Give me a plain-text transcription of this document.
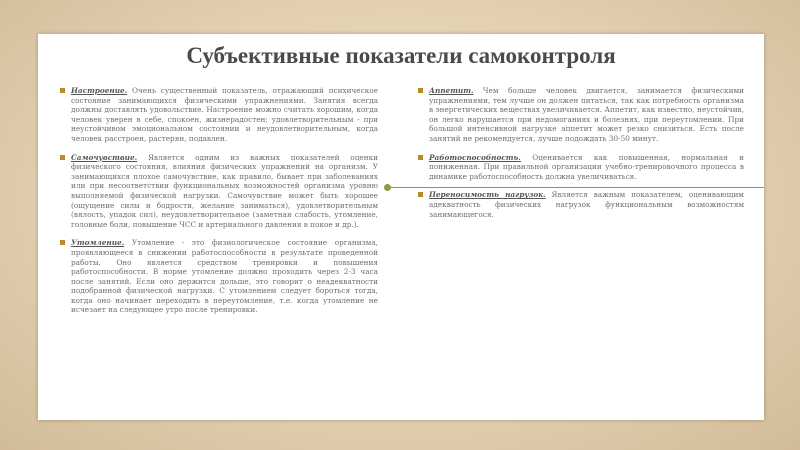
Субъективные показатели самоконтроля
Настроение. Очень существенный показатель, отражающий психическое состояние занимающихся физическими упражнениями. Занятия всегда должны доставлять удовольствие. Настроение можно считать хорошим, когда человек уверен в себе, спокоен, жизнерадостен; удовлетворительным - при неустойчивом эмоциональном состоянии и неудовлетворительным, когда человек расстроен, растерян, подавлен.
Самочувствие. Является одним из важных показателей оценки физического состояния, влияния физических упражнений на организм. У занимающихся плохое самочувствие, как правило, бывает при заболеваниях или при несоответствии функциональных возможностей организма уровню выполняемой физической нагрузки. Самочувствие может быть хорошее (ощущение силы и бодрости, желание заниматься), удовлетворительным (вялость, упадок сил), неудовлетворительное (заметная слабость, утомление, головные боли, повышение ЧСС и артериального давления в покое и др.).
Утомление. Утомление - это физиологическое состояние организма, проявляющееся в снижении работоспособности в результате проведенной работы. Оно является средством тренировки и повышения работоспособности. В норме утомление должно проходить через 2-3 часа после занятий. Если оно держится дольше, это говорит о неадекватности подобранной физической нагрузки. С утомлением следует бороться тогда, когда оно начинает переходить в переутомление, т.е. когда утомление не исчезает на следующее утро после тренировки.
Аппетит. Чем больше человек двигается, занимается физическими упражнениями, тем лучше он должен питаться, так как потребность организма в энергетических веществах увеличивается. Аппетит, как известно, неустойчив, он легко нарушается при недомоганиях и болезнях, при переутомлении. При большой интенсивной нагрузке аппетит может резко снизиться. Есть после занятий не рекомендуется, лучше подождать 30-50 минут.
Работоспособность. Оценивается как повышенная, нормальная и пониженная. При правильной организации учебно-тренировочного процесса в динамике работоспособность должна увеличиваться.
Переносимость нагрузок. Является важным показателем, оценивающим адекватность физических нагрузок функциональным возможностям занимающегося.
